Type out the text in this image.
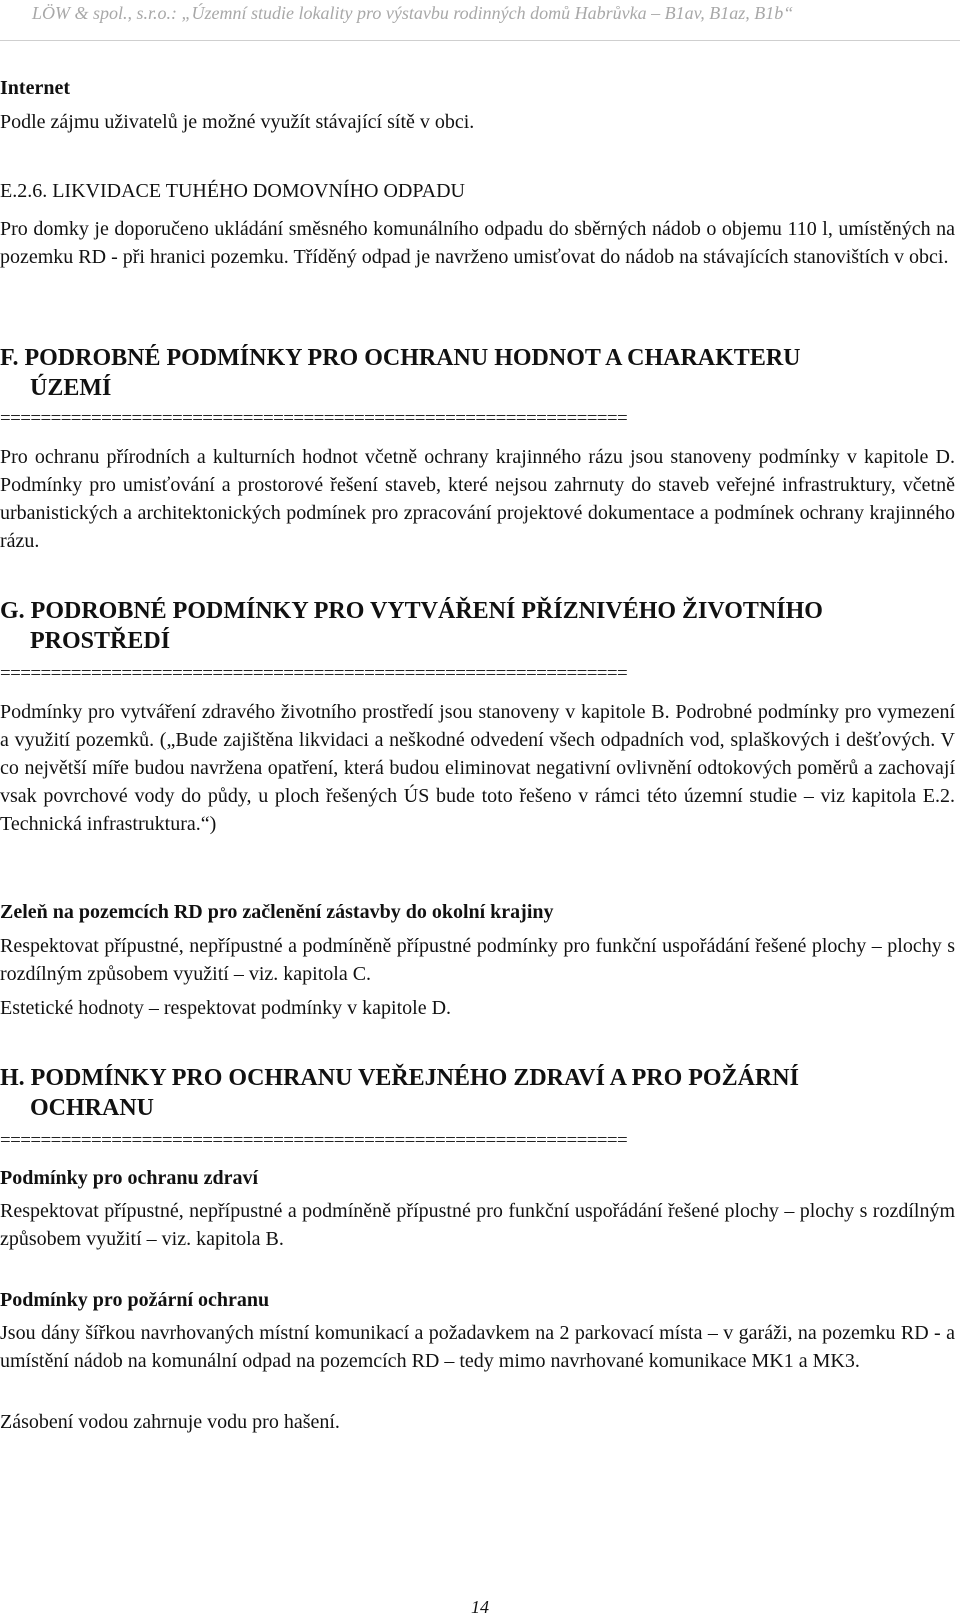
LÖW & spol., s.r.o.: „Územní studie lokality pro výstavbu rodinných domů Habrůvka – B1av, B1az, B1b“
Internet
Podle zájmu uživatelů je možné využít stávající sítě v obci.
E.2.6. LIKVIDACE TUHÉHO DOMOVNÍHO ODPADU
Pro domky je doporučeno ukládání směsného komunálního odpadu do sběrných nádob o objemu 110 l, umístěných na pozemku RD - při hranici pozemku. Tříděný odpad je navrženo umisťovat do nádob na stávajících stanovištích v obci.
F. PODROBNÉ PODMÍNKY PRO OCHRANU HODNOT A CHARAKTERU
ÚZEMÍ
==============================================================
Pro ochranu přírodních a kulturních hodnot včetně ochrany krajinného rázu jsou stanoveny podmínky v kapitole D. Podmínky pro umisťování a prostorové řešení staveb, které nejsou zahrnuty do staveb veřejné infrastruktury, včetně urbanistických a architektonických podmínek pro zpracování projektové dokumentace a podmínek ochrany krajinného rázu.
G. PODROBNÉ PODMÍNKY PRO VYTVÁŘENÍ PŘÍZNIVÉHO ŽIVOTNÍHO
PROSTŘEDÍ
==============================================================
Podmínky pro vytváření zdravého životního prostředí jsou stanoveny v kapitole B. Podrobné podmínky pro vymezení a využití pozemků. („Bude zajištěna likvidaci a neškodné odvedení všech odpadních vod, splaškových i dešťových. V co největší míře budou navržena opatření, která budou eliminovat negativní ovlivnění odtokových poměrů a zachovají vsak povrchové vody do půdy, u ploch řešených ÚS bude toto řešeno v rámci této územní studie – viz kapitola E.2. Technická infrastruktura.“)
Zeleň na pozemcích RD pro začlenění zástavby do okolní krajiny
Respektovat přípustné, nepřípustné a podmíněně přípustné podmínky pro funkční uspořádání řešené plochy – plochy s rozdílným způsobem využití – viz. kapitola C.
Estetické hodnoty – respektovat podmínky v kapitole D.
H. PODMÍNKY PRO OCHRANU VEŘEJNÉHO ZDRAVÍ A PRO POŽÁRNÍ
OCHRANU
==============================================================
Podmínky pro ochranu zdraví
Respektovat přípustné, nepřípustné a podmíněně přípustné pro funkční uspořádání řešené plochy – plochy s rozdílným způsobem využití – viz. kapitola B.
Podmínky pro požární ochranu
Jsou dány šířkou navrhovaných místní komunikací a požadavkem na 2 parkovací místa – v garáži, na pozemku RD - a umístění nádob na komunální odpad na pozemcích RD – tedy mimo navrhované komunikace MK1 a MK3.
Zásobení vodou zahrnuje vodu pro hašení.
14
